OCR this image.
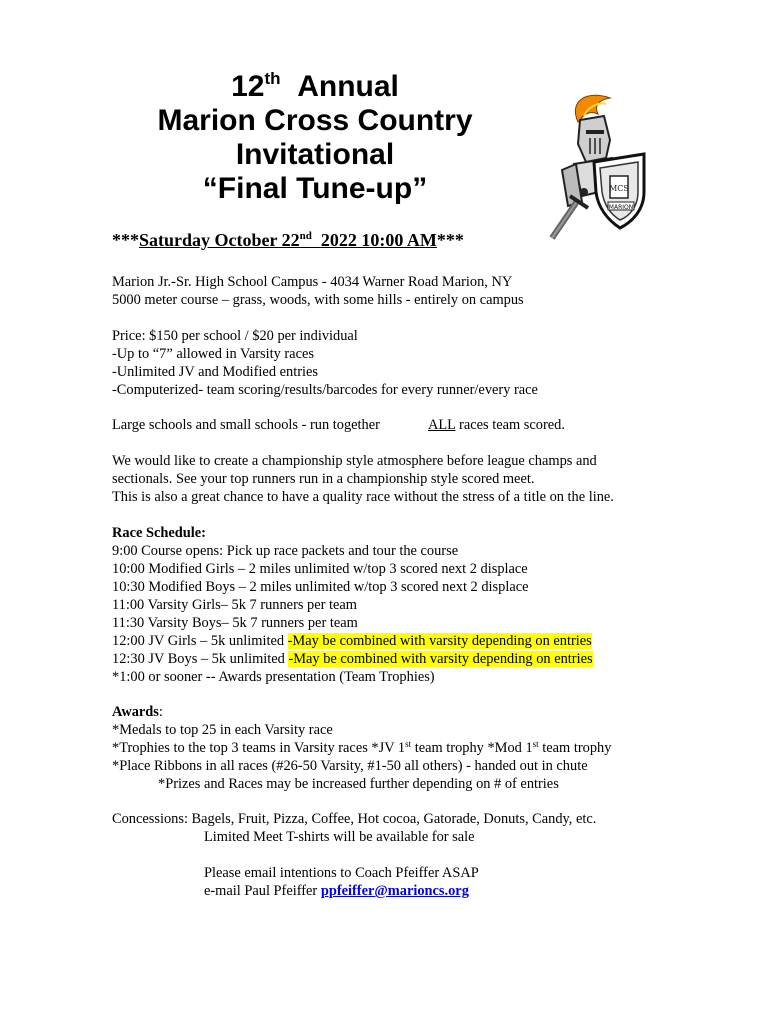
12th Annual
Marion Cross Country
Invitational
“Final Tune-up”	MCS
MARION
***Saturday October 22nd 2022 10:00 AM***
Marion Jr.-Sr. High School Campus - 4034 Warner Road Marion, NY
5000 meter course – grass, woods, with some hills - entirely on campus
Price: $150 per school / $20 per individual
-Up to “7” allowed in Varsity races
-Unlimited JV and Modified entries
-Computerized- team scoring/results/barcodes for every runner/every race
Large schools and small schools - run together	ALL races team scored.
We would like to create a championship style atmosphere before league champs and
sectionals. See your top runners run in a championship style scored meet.
This is also a great chance to have a quality race without the stress of a title on the line.
Race Schedule:
9:00 Course opens: Pick up race packets and tour the course
10:00 Modified Girls – 2 miles unlimited w/top 3 scored next 2 displace
10:30 Modified Boys – 2 miles unlimited w/top 3 scored next 2 displace
11:00 Varsity Girls– 5k 7 runners per team
11:30 Varsity Boys– 5k 7 runners per team
12:00 JV Girls – 5k unlimited -May be combined with varsity depending on entries
12:30 JV Boys – 5k unlimited -May be combined with varsity depending on entries
*1:00 or sooner -- Awards presentation (Team Trophies)
Awards:
*Medals to top 25 in each Varsity race
*Trophies to the top 3 teams in Varsity races *JV 1st team trophy *Mod 1st team trophy
*Place Ribbons in all races (#26-50 Varsity, #1-50 all others) - handed out in chute
*Prizes and Races may be increased further depending on # of entries
Concessions: Bagels, Fruit, Pizza, Coffee, Hot cocoa, Gatorade, Donuts, Candy, etc.
Limited Meet T-shirts will be available for sale
Please email intentions to Coach Pfeiffer ASAP
e-mail Paul Pfeiffer ppfeiffer@marioncs.org
